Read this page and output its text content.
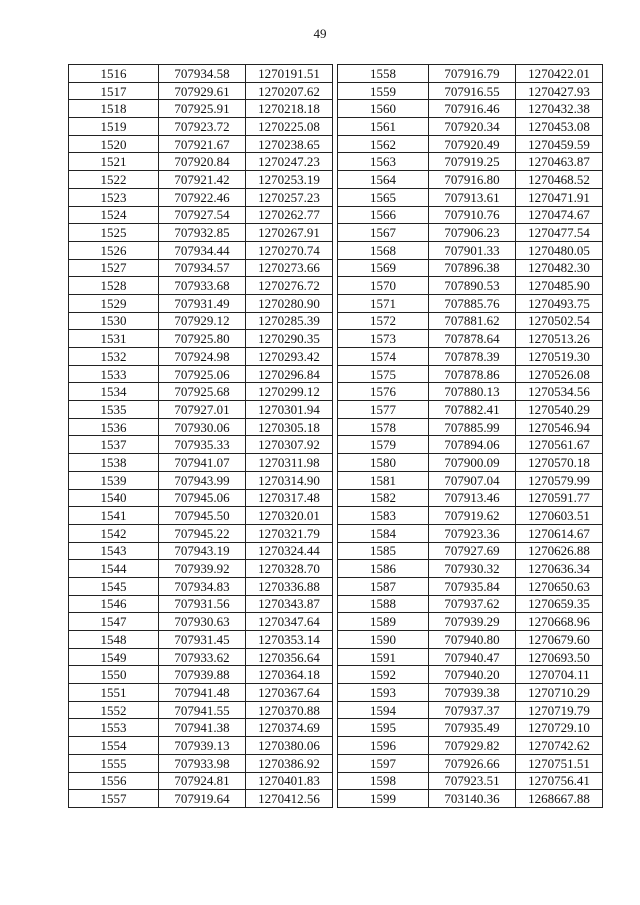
49
1516	707934.58	1270191.51
1517	707929.61	1270207.62
1518	707925.91	1270218.18
1519	707923.72	1270225.08
1520	707921.67	1270238.65
1521	707920.84	1270247.23
1522	707921.42	1270253.19
1523	707922.46	1270257.23
1524	707927.54	1270262.77
1525	707932.85	1270267.91
1526	707934.44	1270270.74
1527	707934.57	1270273.66
1528	707933.68	1270276.72
1529	707931.49	1270280.90
1530	707929.12	1270285.39
1531	707925.80	1270290.35
1532	707924.98	1270293.42
1533	707925.06	1270296.84
1534	707925.68	1270299.12
1535	707927.01	1270301.94
1536	707930.06	1270305.18
1537	707935.33	1270307.92
1538	707941.07	1270311.98
1539	707943.99	1270314.90
1540	707945.06	1270317.48
1541	707945.50	1270320.01
1542	707945.22	1270321.79
1543	707943.19	1270324.44
1544	707939.92	1270328.70
1545	707934.83	1270336.88
1546	707931.56	1270343.87
1547	707930.63	1270347.64
1548	707931.45	1270353.14
1549	707933.62	1270356.64
1550	707939.88	1270364.18
1551	707941.48	1270367.64
1552	707941.55	1270370.88
1553	707941.38	1270374.69
1554	707939.13	1270380.06
1555	707933.98	1270386.92
1556	707924.81	1270401.83
1557	707919.64	1270412.56
1558	707916.79	1270422.01
1559	707916.55	1270427.93
1560	707916.46	1270432.38
1561	707920.34	1270453.08
1562	707920.49	1270459.59
1563	707919.25	1270463.87
1564	707916.80	1270468.52
1565	707913.61	1270471.91
1566	707910.76	1270474.67
1567	707906.23	1270477.54
1568	707901.33	1270480.05
1569	707896.38	1270482.30
1570	707890.53	1270485.90
1571	707885.76	1270493.75
1572	707881.62	1270502.54
1573	707878.64	1270513.26
1574	707878.39	1270519.30
1575	707878.86	1270526.08
1576	707880.13	1270534.56
1577	707882.41	1270540.29
1578	707885.99	1270546.94
1579	707894.06	1270561.67
1580	707900.09	1270570.18
1581	707907.04	1270579.99
1582	707913.46	1270591.77
1583	707919.62	1270603.51
1584	707923.36	1270614.67
1585	707927.69	1270626.88
1586	707930.32	1270636.34
1587	707935.84	1270650.63
1588	707937.62	1270659.35
1589	707939.29	1270668.96
1590	707940.80	1270679.60
1591	707940.47	1270693.50
1592	707940.20	1270704.11
1593	707939.38	1270710.29
1594	707937.37	1270719.79
1595	707935.49	1270729.10
1596	707929.82	1270742.62
1597	707926.66	1270751.51
1598	707923.51	1270756.41
1599	703140.36	1268667.88
